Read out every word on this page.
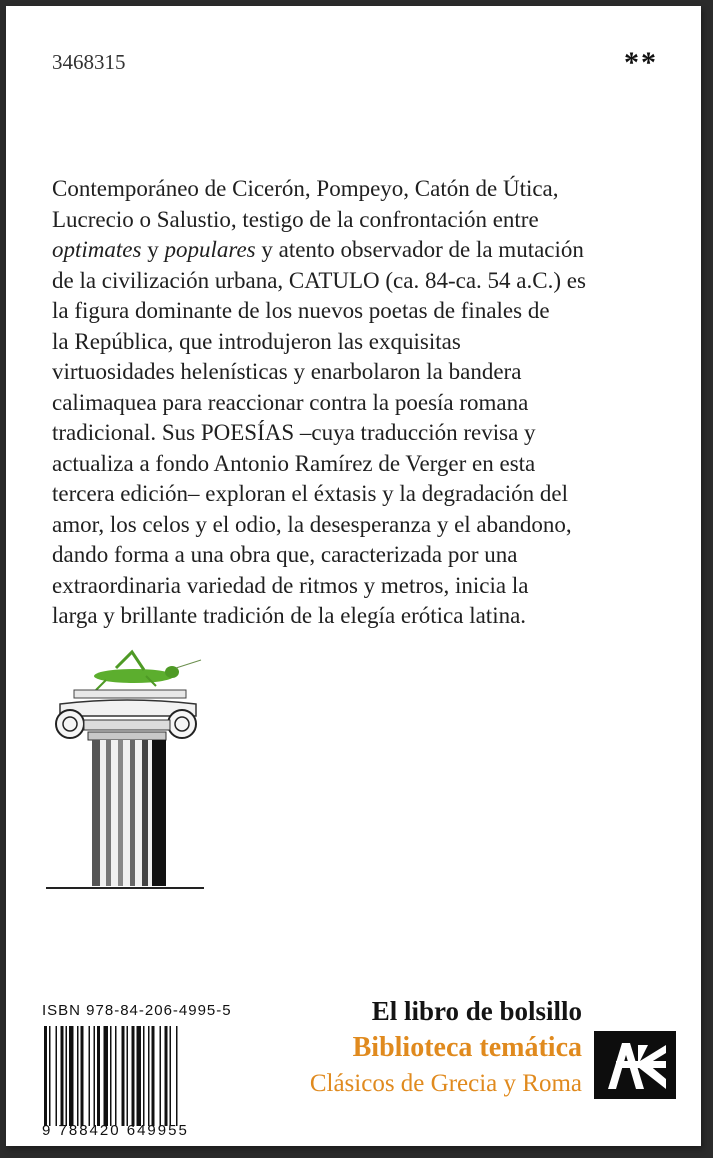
3468315	**
Contemporáneo de Cicerón, Pompeyo, Catón de Útica,
Lucrecio o Salustio, testigo de la confrontación entre
optimates y populares y atento observador de la mutación
de la civilización urbana, CATULO (ca. 84-ca. 54 a.C.) es
la figura dominante de los nuevos poetas de finales de
la República, que introdujeron las exquisitas
virtuosidades helenísticas y enarbolaron la bandera
calimaquea para reaccionar contra la poesía romana
tradicional. Sus POESÍAS –cuya traducción revisa y
actualiza a fondo Antonio Ramírez de Verger en esta
tercera edición– exploran el éxtasis y la degradación del
amor, los celos y el odio, la desesperanza y el abandono,
dando forma a una obra que, caracterizada por una
extraordinaria variedad de ritmos y metros, inicia la
larga y brillante tradición de la elegía erótica latina.
ISBN 978-84-206-4995-5
9 788420 649955
El libro de bolsillo
Biblioteca temática
Clásicos de Grecia y Roma
